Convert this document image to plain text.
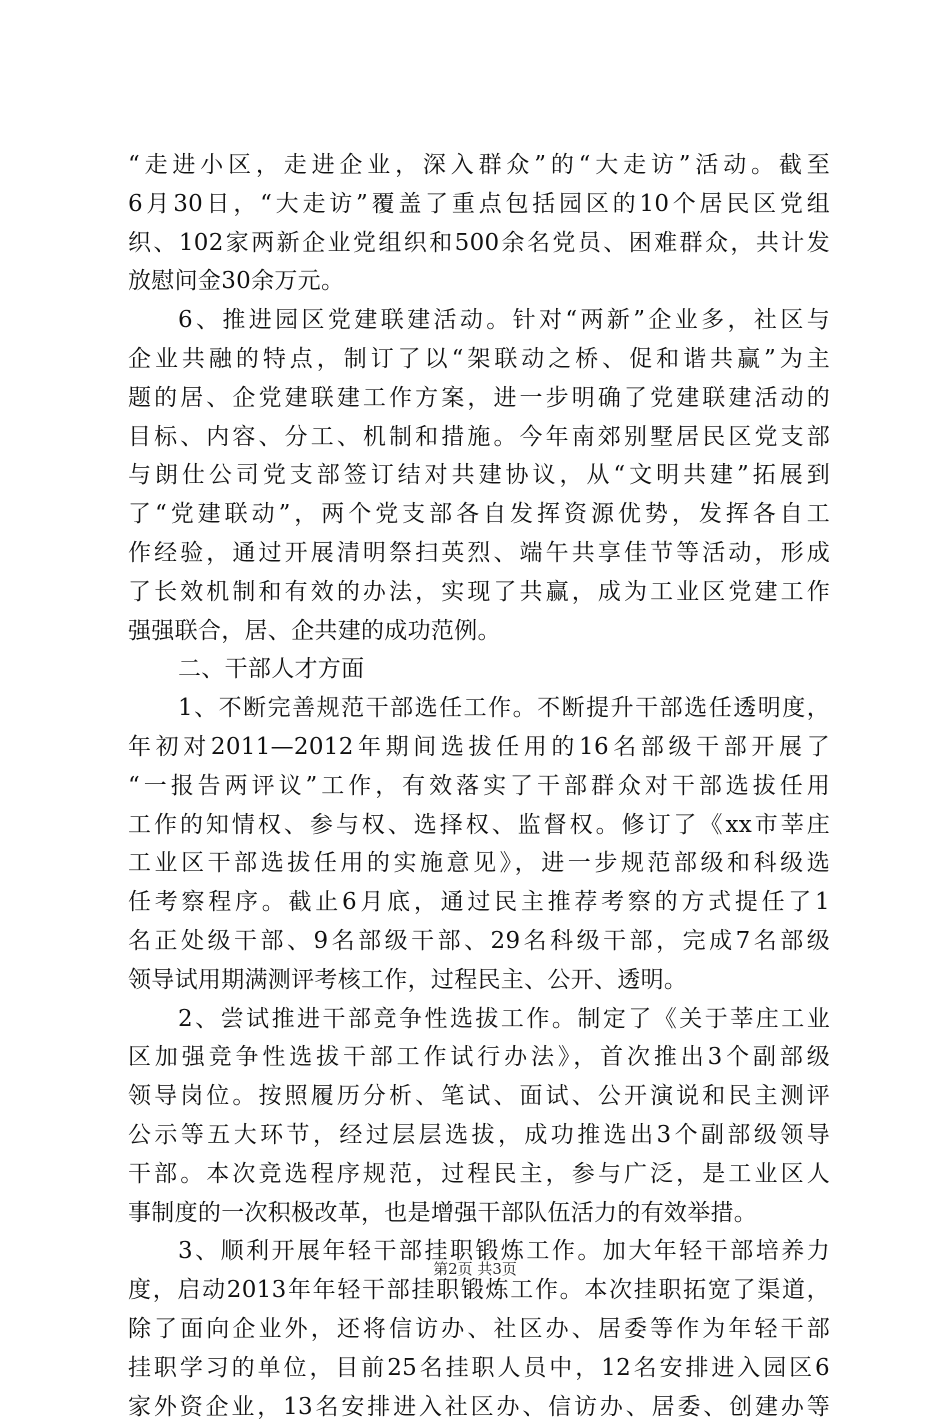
“走进小区，走进企业，深入群众”的“大走访”活动。截至
6月30日，“大走访”覆盖了重点包括园区的10个居民区党组
织、102家两新企业党组织和500余名党员、困难群众，共计发
放慰问金30余万元。
6、推进园区党建联建活动。针对“两新”企业多，社区与
企业共融的特点，制订了以“架联动之桥、促和谐共赢”为主
题的居、企党建联建工作方案，进一步明确了党建联建活动的
目标、内容、分工、机制和措施。今年南郊别墅居民区党支部
与朗仕公司党支部签订结对共建协议，从“文明共建”拓展到
了“党建联动”，两个党支部各自发挥资源优势，发挥各自工
作经验，通过开展清明祭扫英烈、端午共享佳节等活动，形成
了长效机制和有效的办法，实现了共赢，成为工业区党建工作
强强联合，居、企共建的成功范例。
二、干部人才方面
1、不断完善规范干部选任工作。不断提升干部选任透明度，
年初对2011—2012年期间选拔任用的16名部级干部开展了
“一报告两评议”工作，有效落实了干部群众对干部选拔任用
工作的知情权、参与权、选择权、监督权。修订了《xx市莘庄
工业区干部选拔任用的实施意见》，进一步规范部级和科级选
任考察程序。截止6月底，通过民主推荐考察的方式提任了1
名正处级干部、9名部级干部、29名科级干部，完成7名部级
领导试用期满测评考核工作，过程民主、公开、透明。
2、尝试推进干部竞争性选拔工作。制定了《关于莘庄工业
区加强竞争性选拔干部工作试行办法》，首次推出3个副部级
领导岗位。按照履历分析、笔试、面试、公开演说和民主测评
公示等五大环节，经过层层选拔，成功推选出3个副部级领导
干部。本次竞选程序规范，过程民主，参与广泛，是工业区人
事制度的一次积极改革，也是增强干部队伍活力的有效举措。
3、顺利开展年轻干部挂职锻炼工作。加大年轻干部培养力
度，启动2013年年轻干部挂职锻炼工作。本次挂职拓宽了渠道，
除了面向企业外，还将信访办、社区办、居委等作为年轻干部
挂职学习的单位，目前25名挂职人员中，12名安排进入园区6
家外资企业，13名安排进入社区办、信访办、居委、创建办等
第2页 共3页
